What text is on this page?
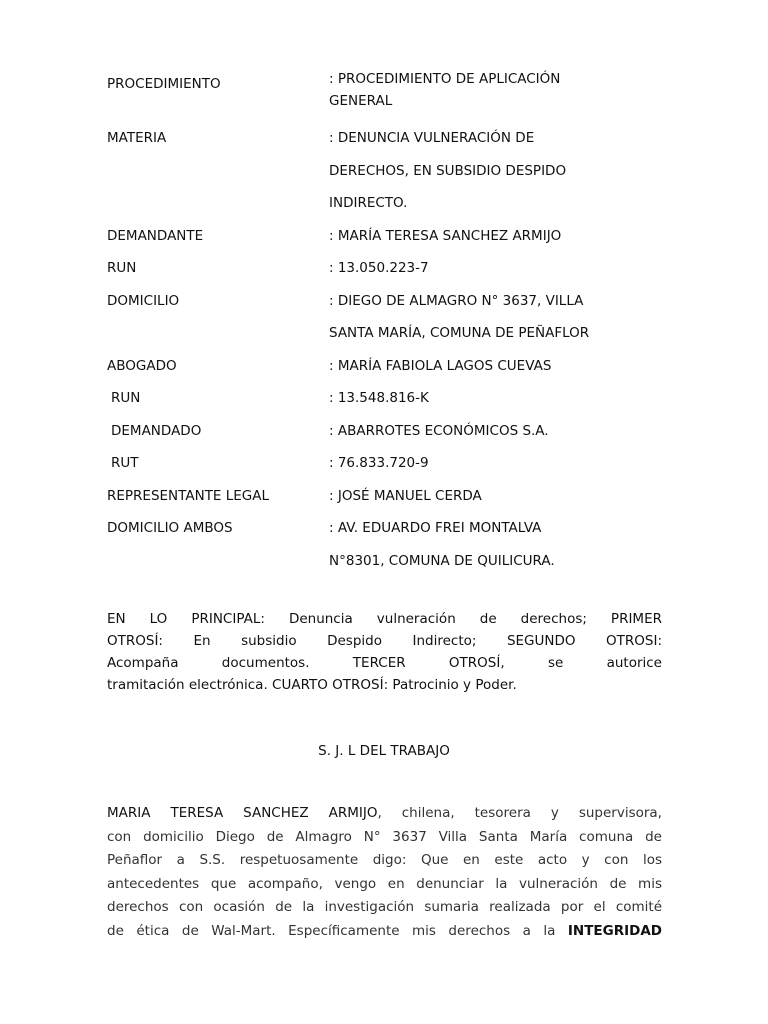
PROCEDIMIENTO	: PROCEDIMIENTO DE APLICACIÓN
GENERAL
MATERIA	: DENUNCIA VULNERACIÓN DE
DERECHOS, EN SUBSIDIO DESPIDO
INDIRECTO.
DEMANDANTE	: MARÍA TERESA SANCHEZ ARMIJO
RUN	: 13.050.223-7
DOMICILIO	: DIEGO DE ALMAGRO N° 3637, VILLA
SANTA MARÍA, COMUNA DE PEÑAFLOR
ABOGADO	: MARÍA FABIOLA LAGOS CUEVAS
RUN	: 13.548.816-K
DEMANDADO	: ABARROTES ECONÓMICOS S.A.
RUT	: 76.833.720-9
REPRESENTANTE LEGAL	: JOSÉ MANUEL CERDA
DOMICILIO AMBOS	: AV. EDUARDO FREI MONTALVA
N°8301, COMUNA DE QUILICURA.
EN LO PRINCIPAL: Denuncia vulneración de derechos; PRIMER
OTROSÍ: En subsidio Despido Indirecto; SEGUNDO OTROSI:
Acompaña documentos. TERCER OTROSÍ, se autorice
tramitación electrónica. CUARTO OTROSÍ: Patrocinio y Poder.
S. J. L DEL TRABAJO
MARIA TERESA SANCHEZ ARMIJO, chilena, tesorera y supervisora,
con domicilio Diego de Almagro N° 3637 Villa Santa María comuna de
Peñaflor a S.S. respetuosamente digo: Que en este acto y con los
antecedentes que acompaño, vengo en denunciar la vulneración de mis
derechos con ocasión de la investigación sumaria realizada por el comité
de ética de Wal-Mart. Específicamente mis derechos a la INTEGRIDAD
